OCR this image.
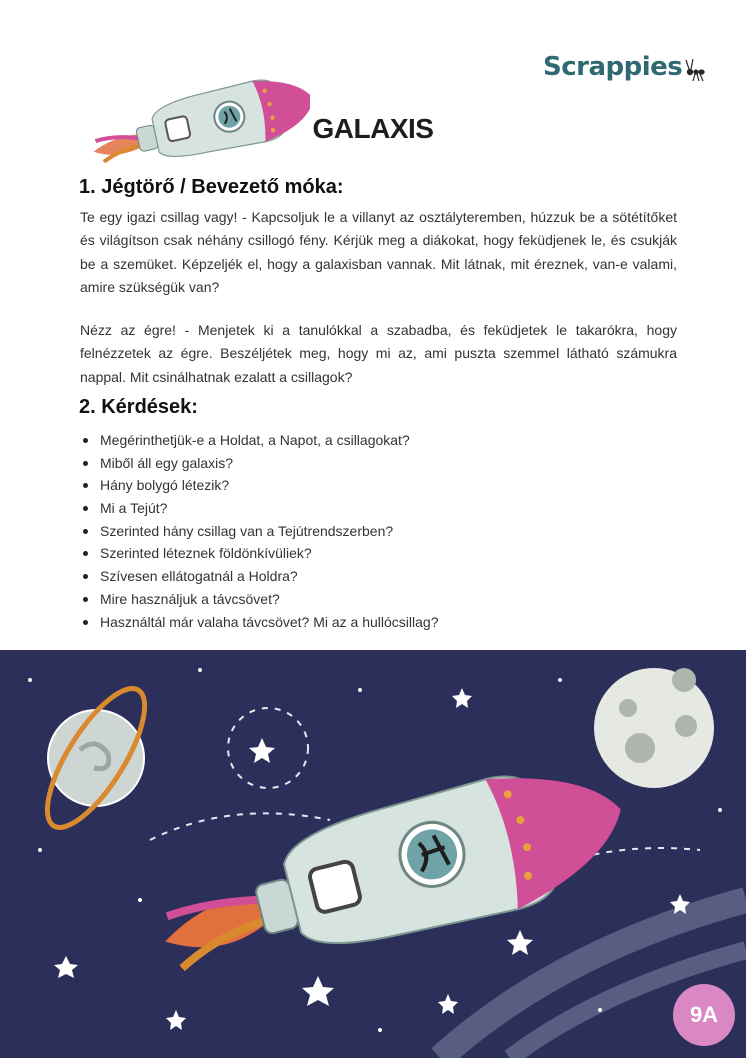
Scrappies
GALAXIS
1. Jégtörő / Bevezető móka:
Te egy igazi csillag vagy! - Kapcsoljuk le a villanyt az osztályteremben, húzzuk be a sötétítőket és világítson csak néhány csillogó fény. Kérjük meg a diákokat, hogy feküdjenek le, és csukják be a szemüket. Képzeljék el, hogy a galaxisban vannak. Mit látnak, mit éreznek, van-e valami, amire szükségük van?
Nézz az égre! - Menjetek ki a tanulókkal a szabadba, és feküdjetek le takarókra, hogy felnézzetek az égre. Beszéljétek meg, hogy mi az, ami puszta szemmel látható számukra nappal. Mit csinálhatnak ezalatt a csillagok?
2. Kérdések:
Megérinthetjük-e a Holdat, a Napot, a csillagokat?
Miből áll egy galaxis?
Hány bolygó létezik?
Mi a Tejút?
Szerinted hány csillag van a Tejútrendszerben?
Szerinted léteznek földönkívüliek?
Szívesen ellátogatnál a Holdra?
Mire használjuk a távcsövet?
Használtál már valaha távcsövet? Mi az a hullócsillag?
9A
